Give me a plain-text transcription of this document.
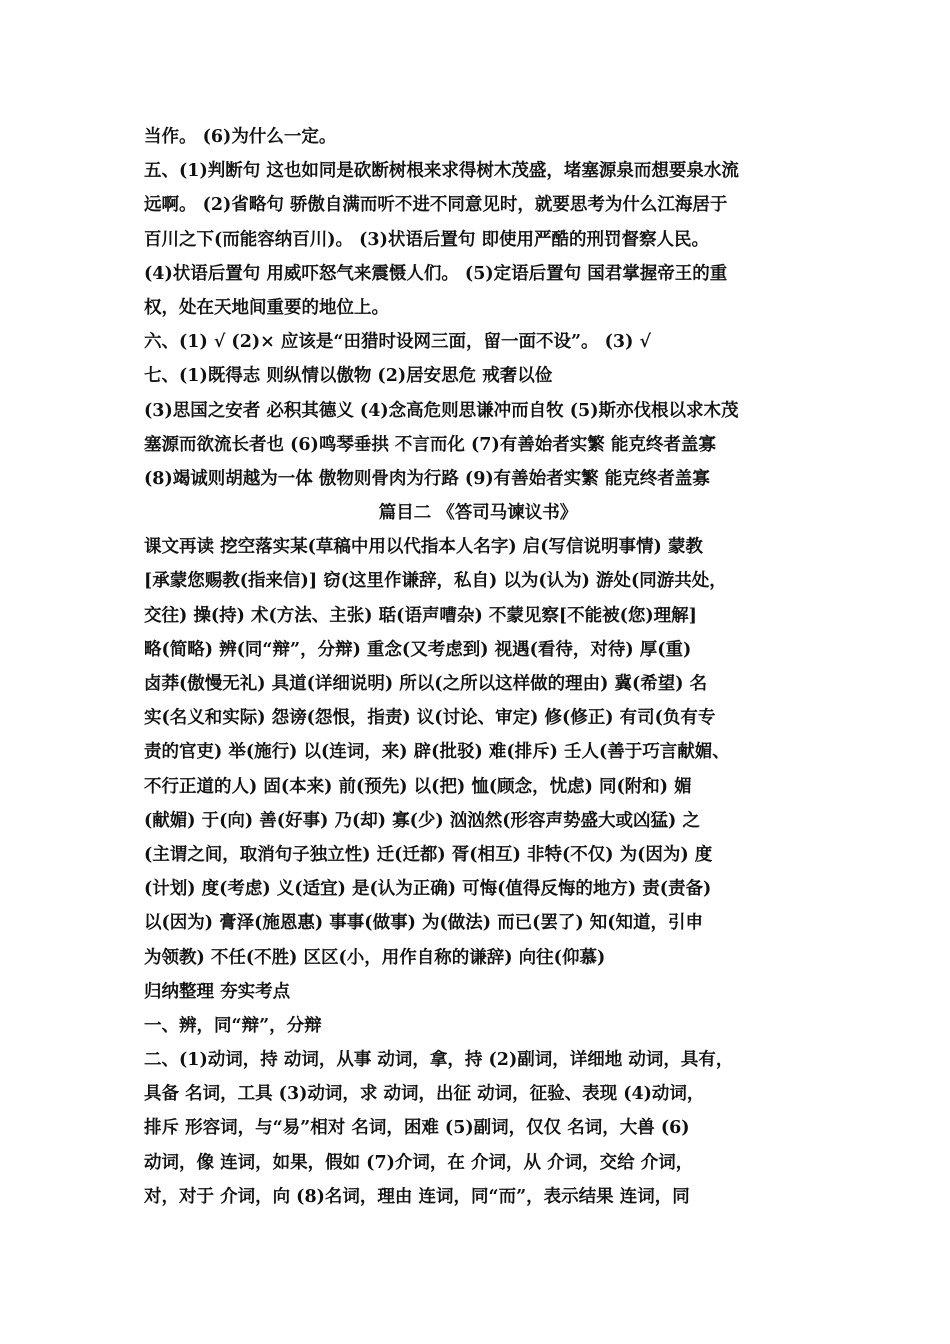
当作。 (6)为什么一定。
五、(1)判断句 这也如同是砍断树根来求得树木茂盛，堵塞源泉而想要泉水流
远啊。 (2)省略句 骄傲自满而听不进不同意见时，就要思考为什么江海居于
百川之下(而能容纳百川)。 (3)状语后置句 即使用严酷的刑罚督察人民。
(4)状语后置句 用威吓怒气来震慑人们。 (5)定语后置句 国君掌握帝王的重
权，处在天地间重要的地位上。
六、(1) √ (2)× 应该是“田猎时设网三面，留一面不设”。 (3) √
七、(1)既得志 则纵情以傲物 (2)居安思危 戒奢以俭
(3)思国之安者 必积其德义 (4)念高危则思谦冲而自牧 (5)斯亦伐根以求木茂
塞源而欲流长者也 (6)鸣琴垂拱 不言而化 (7)有善始者实繁 能克终者盖寡
(8)竭诚则胡越为一体 傲物则骨肉为行路 (9)有善始者实繁 能克终者盖寡
篇目二 《答司马谏议书》
课文再读 挖空落实某(草稿中用以代指本人名字) 启(写信说明事情) 蒙教
[承蒙您赐教(指来信)] 窃(这里作谦辞，私自) 以为(认为) 游处(同游共处，
交往) 操(持) 术(方法、主张) 聒(语声嘈杂) 不蒙见察[不能被(您)理解]
略(简略) 辨(同“辩”，分辩) 重念(又考虑到) 视遇(看待，对待) 厚(重)
卤莽(傲慢无礼) 具道(详细说明) 所以(之所以这样做的理由) 冀(希望) 名
实(名义和实际) 怨谤(怨恨，指责) 议(讨论、审定) 修(修正) 有司(负有专
责的官吏) 举(施行) 以(连词，来) 辟(批驳) 难(排斥) 壬人(善于巧言献媚、
不行正道的人) 固(本来) 前(预先) 以(把) 恤(顾念，忧虑) 同(附和) 媚
(献媚) 于(向) 善(好事) 乃(却) 寡(少) 汹汹然(形容声势盛大或凶猛) 之
(主谓之间，取消句子独立性) 迁(迁都) 胥(相互) 非特(不仅) 为(因为) 度
(计划) 度(考虑) 义(适宜) 是(认为正确) 可悔(值得反悔的地方) 责(责备)
以(因为) 膏泽(施恩惠) 事事(做事) 为(做法) 而已(罢了) 知(知道，引申
为领教) 不任(不胜) 区区(小，用作自称的谦辞) 向往(仰慕)
归纳整理 夯实考点
一、辨，同“辩”，分辩
二、(1)动词，持 动词，从事 动词，拿，持 (2)副词，详细地 动词，具有，
具备 名词，工具 (3)动词，求 动词，出征 动词，征验、表现 (4)动词，
排斥 形容词，与“易”相对 名词，困难 (5)副词，仅仅 名词，大兽 (6)
动词，像 连词，如果，假如 (7)介词，在 介词，从 介词，交给 介词，
对，对于 介词，向 (8)名词，理由 连词，同“而”，表示结果 连词，同
